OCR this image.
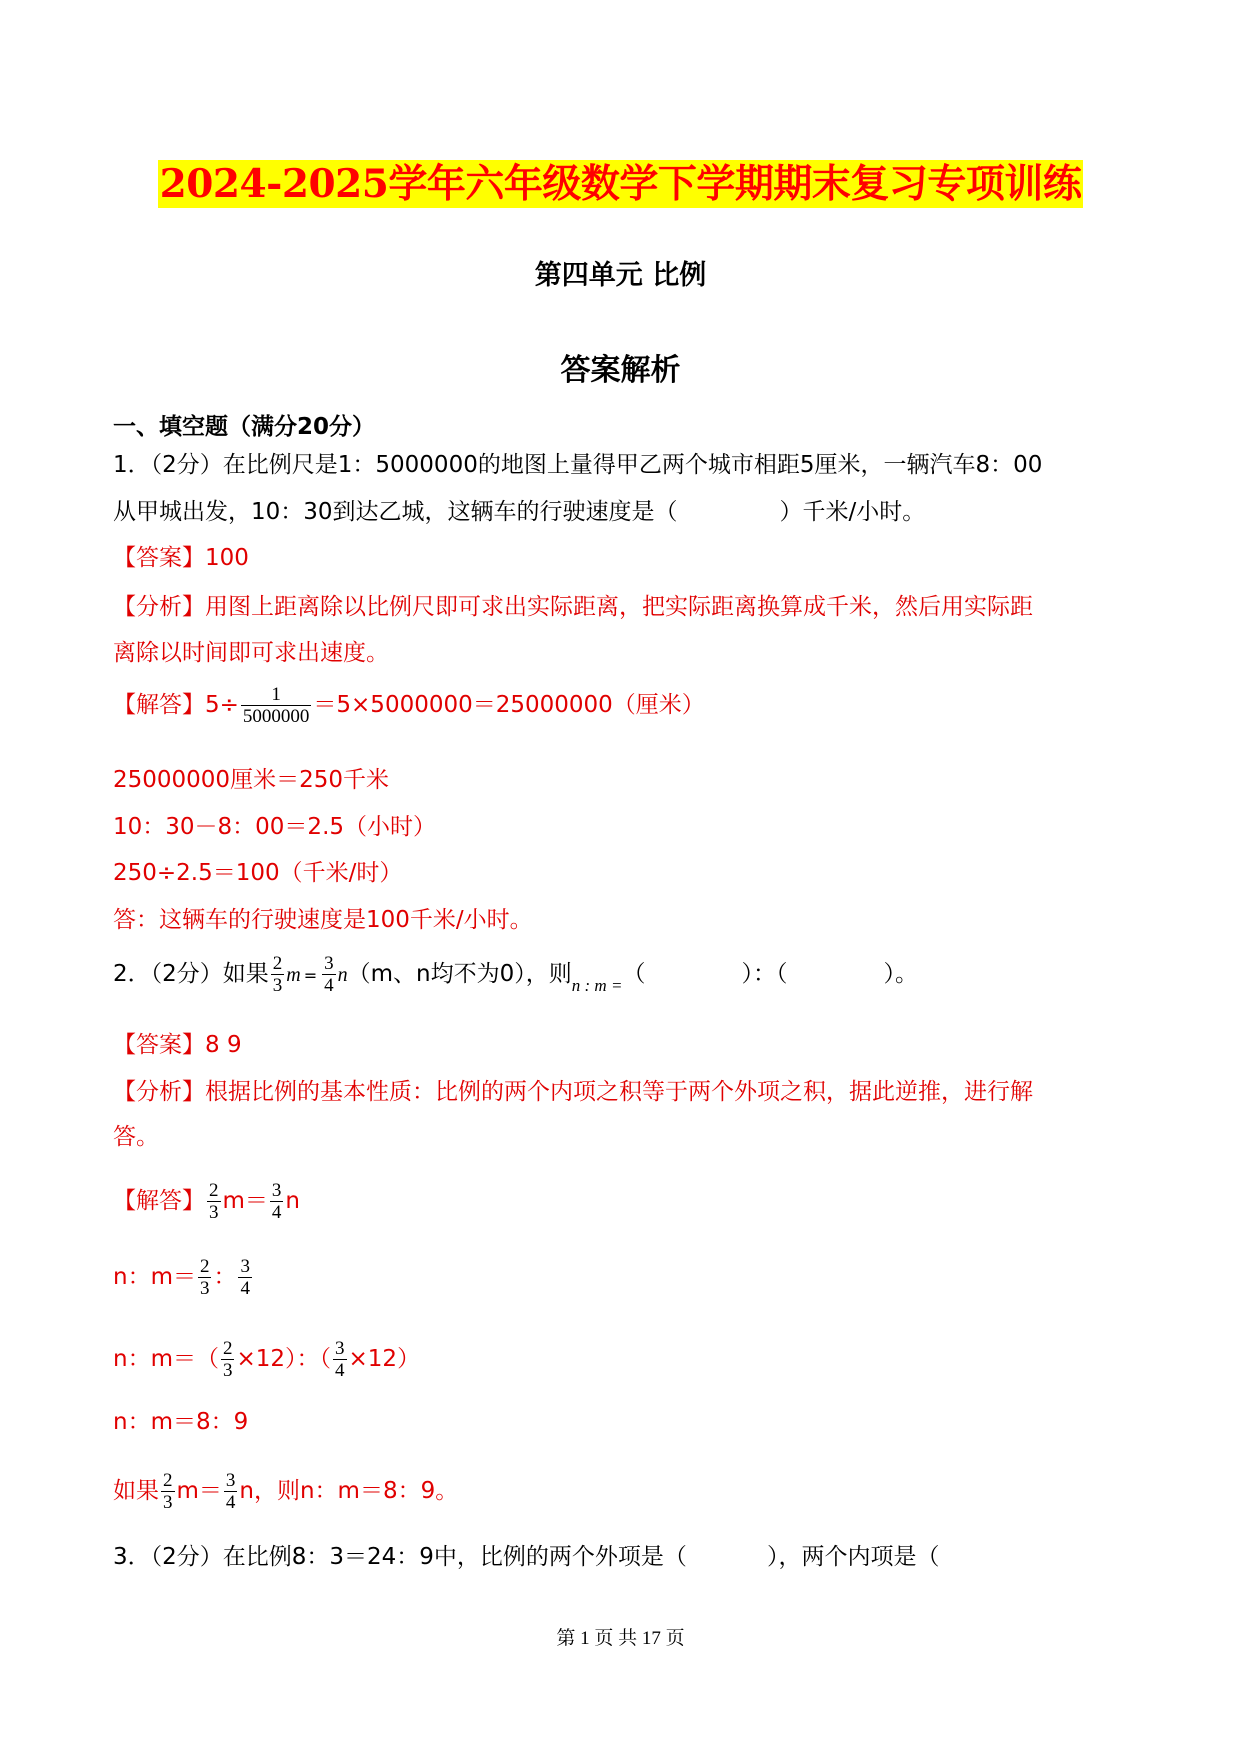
2024-2025学年六年级数学下学期期末复习专项训练
第四单元 比例
答案解析
一、填空题（满分20分）
1．（2分）在比例尺是1：5000000的地图上量得甲乙两个城市相距5厘米，一辆汽车8：00
从甲城出发，10：30到达乙城，这辆车的行驶速度是（	）千米/小时。
【答案】100
【分析】用图上距离除以比例尺即可求出实际距离，把实际距离换算成千米，然后用实际距
离除以时间即可求出速度。
【解答】$5\div \frac{1}{5000000} =5\times 5000000=25000000$（厘米）
25000000厘米＝250千米
10：30－8：00＝2.5（小时）
250÷2.5＝100（千米/时）
答：这辆车的行驶速度是100千米/小时。
2．（2分）如果 $\frac{2}{3}$ $m = \frac{3}{4} n(m$、n均不为0），则$_{n : m =}$（	）：（	）。
【答案】8 9
【分析】根据比例的基本性质：比例的两个内项之积等于两个外项之积，据此逆推，进行解
答。
【解答】 $\frac{2}{3} m= \frac{3}{4}$ n
n：$m= \frac{2}{3}$ ： $\frac{3}{4}$
n：$m=( \frac{2}{3} \times 12)$：（ $\frac{3}{4} \times 12$）
n：m＝8：9
如果 $\frac{2}{3} m= \frac{3}{4}$ n，则n：m＝8：9。
3．（2分）在比例8：3＝24：9中，比例的两个外项是（	），两个内项是（
第 1 页 共 17 页
